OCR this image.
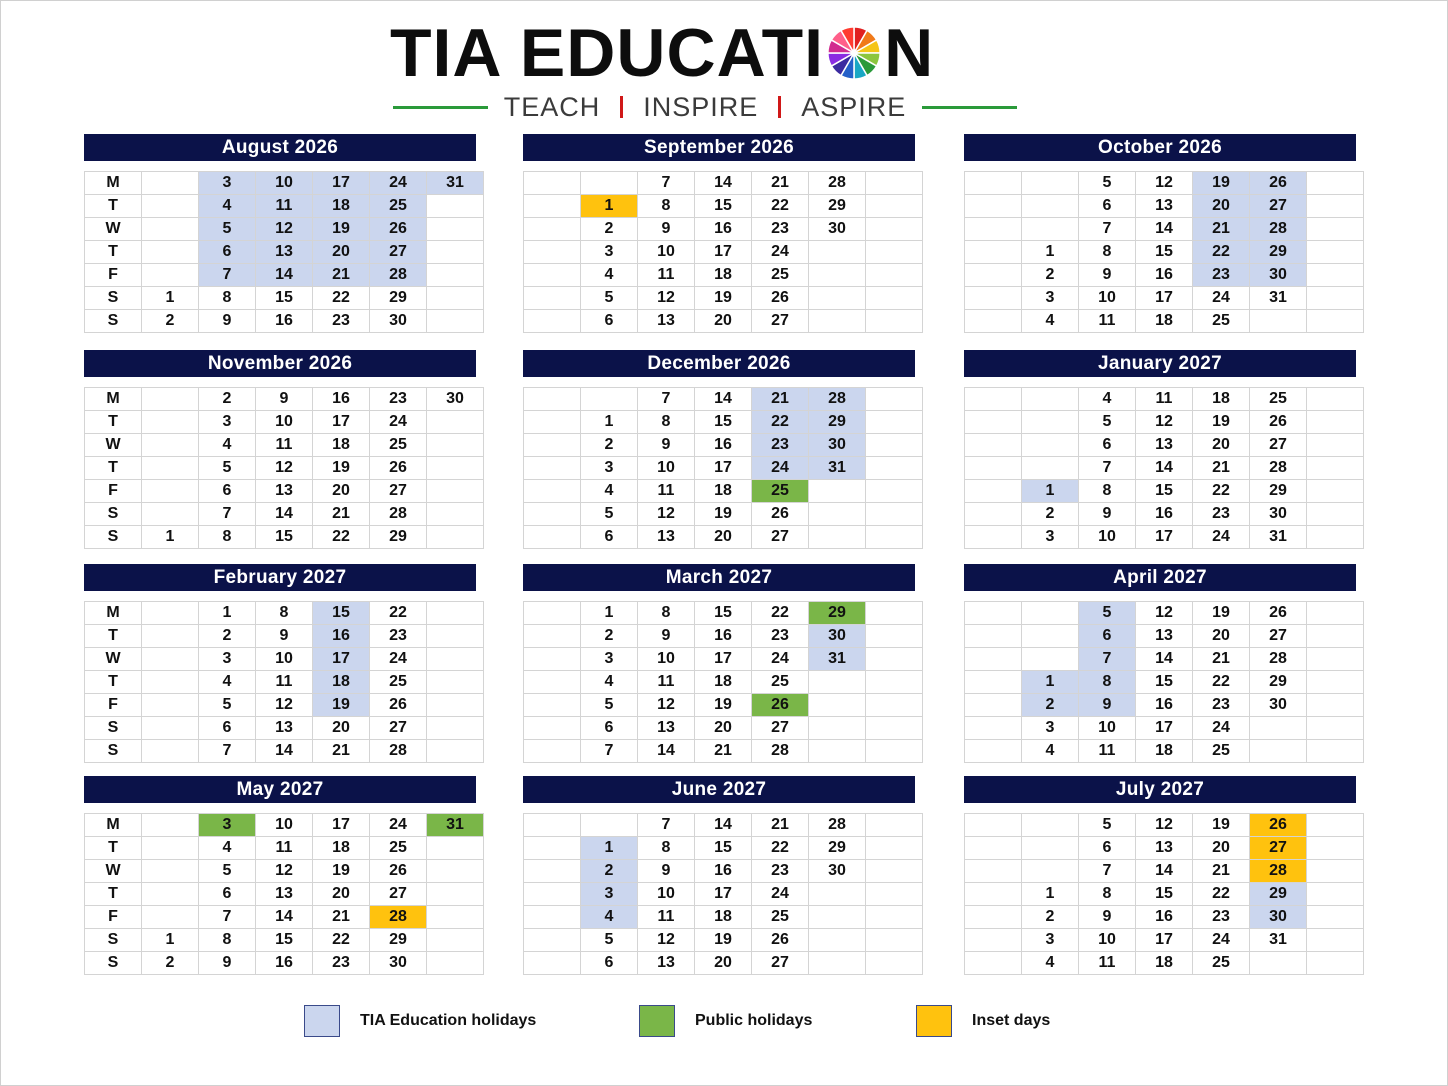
TIA EDUCATI N
TEACH INSPIRE ASPIRE
August 2026
M		3	10	17	24	31
T		4	11	18	25	
W		5	12	19	26	
T		6	13	20	27	
F		7	14	21	28	
S	1	8	15	22	29	
S	2	9	16	23	30	
September 2026
		7	14	21	28	
	1	8	15	22	29	
	2	9	16	23	30	
	3	10	17	24		
	4	11	18	25		
	5	12	19	26		
	6	13	20	27		
October 2026
		5	12	19	26	
		6	13	20	27	
		7	14	21	28	
	1	8	15	22	29	
	2	9	16	23	30	
	3	10	17	24	31	
	4	11	18	25		
November 2026
M		2	9	16	23	30
T		3	10	17	24	
W		4	11	18	25	
T		5	12	19	26	
F		6	13	20	27	
S		7	14	21	28	
S	1	8	15	22	29	
December 2026
		7	14	21	28	
	1	8	15	22	29	
	2	9	16	23	30	
	3	10	17	24	31	
	4	11	18	25		
	5	12	19	26		
	6	13	20	27		
January 2027
		4	11	18	25	
		5	12	19	26	
		6	13	20	27	
		7	14	21	28	
	1	8	15	22	29	
	2	9	16	23	30	
	3	10	17	24	31	
February 2027
M		1	8	15	22	
T		2	9	16	23	
W		3	10	17	24	
T		4	11	18	25	
F		5	12	19	26	
S		6	13	20	27	
S		7	14	21	28	
March 2027
	1	8	15	22	29	
	2	9	16	23	30	
	3	10	17	24	31	
	4	11	18	25		
	5	12	19	26		
	6	13	20	27		
	7	14	21	28		
April 2027
		5	12	19	26	
		6	13	20	27	
		7	14	21	28	
	1	8	15	22	29	
	2	9	16	23	30	
	3	10	17	24		
	4	11	18	25		
May 2027
M		3	10	17	24	31
T		4	11	18	25	
W		5	12	19	26	
T		6	13	20	27	
F		7	14	21	28	
S	1	8	15	22	29	
S	2	9	16	23	30	
June 2027
		7	14	21	28	
	1	8	15	22	29	
	2	9	16	23	30	
	3	10	17	24		
	4	11	18	25		
	5	12	19	26		
	6	13	20	27		
July 2027
		5	12	19	26	
		6	13	20	27	
		7	14	21	28	
	1	8	15	22	29	
	2	9	16	23	30	
	3	10	17	24	31	
	4	11	18	25		
TIA Education holidays	Public holidays	Inset days
